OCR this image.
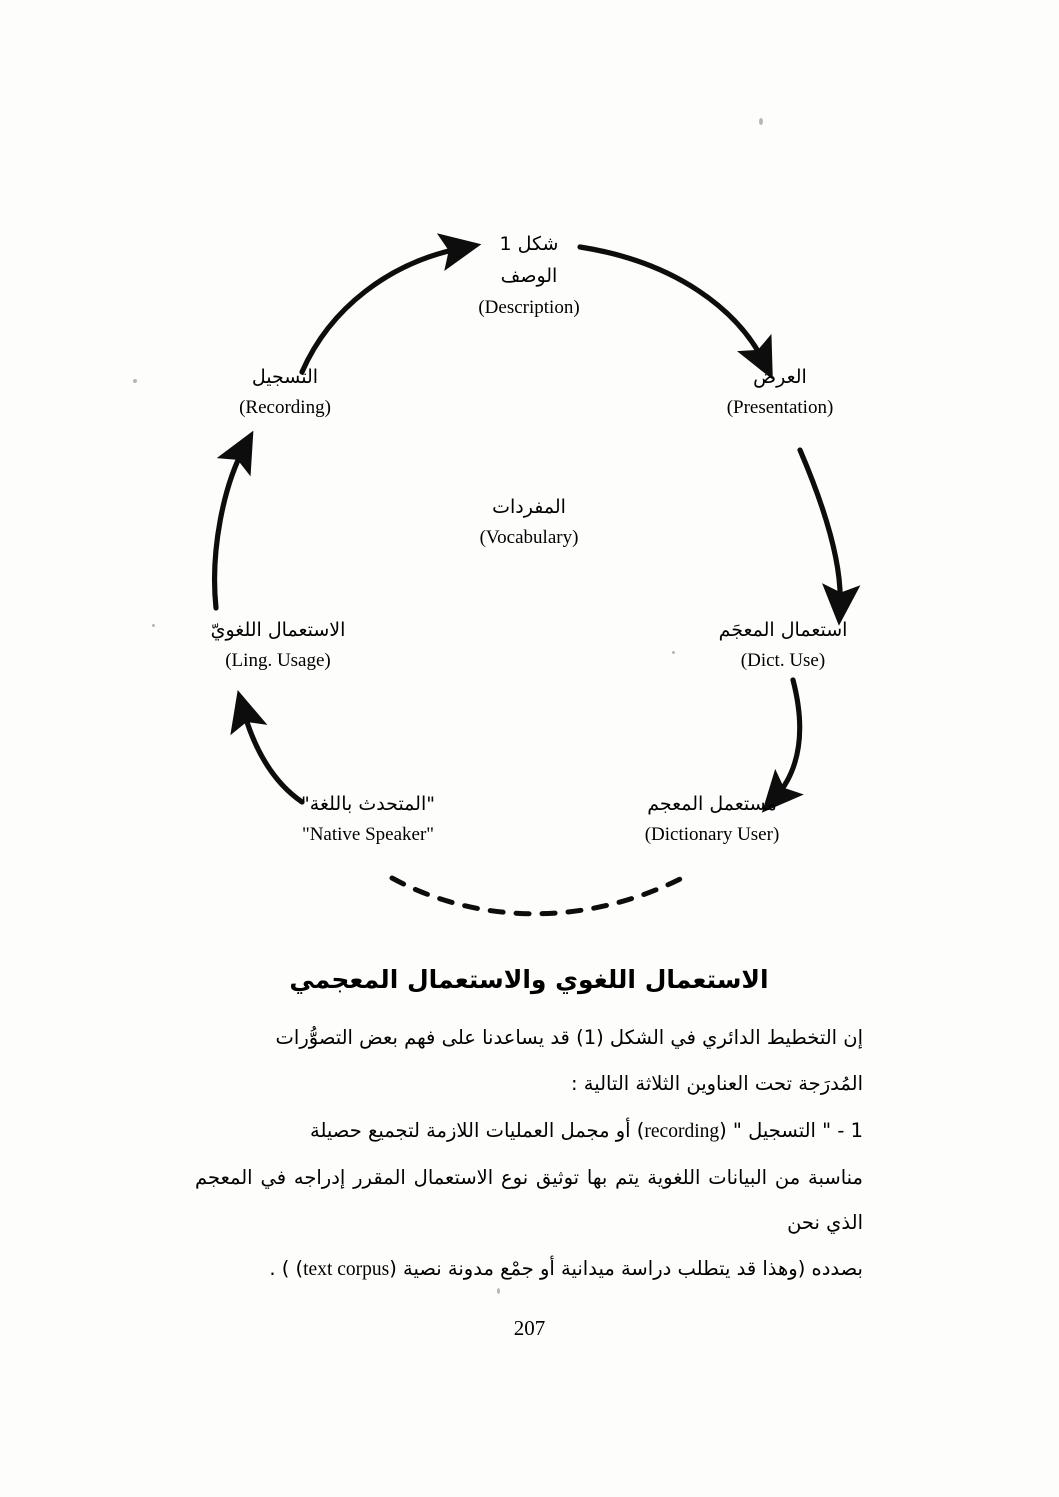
شكل 1
الوصف
(Description)
التسجيل
(Recording)
العرض
(Presentation)
المفردات
(Vocabulary)
الاستعمال اللغويّ
(Ling. Usage)
استعمال المعجَم
(Dict. Use)
"المتحدث باللغة"
"Native Speaker"
مستعمل المعجم
(Dictionary User)
الاستعمال اللغوي والاستعمال المعجمي

إن التخطيط الدائري في الشكل (1) قد يساعدنا على فهم بعض التصوُّرات

المُدرَجة تحت العناوين الثلاثة التالية :

1 - " التسجيل " (recording) أو مجمل العمليات اللازمة لتجميع حصيلة

مناسبة من البيانات اللغوية يتم بها توثيق نوع الاستعمال المقرر إدراجه في المعجم الذي نحن

بصدده (وهذا قد يتطلب دراسة ميدانية أو جمْع مدونة نصية (text corpus) ) .

207
